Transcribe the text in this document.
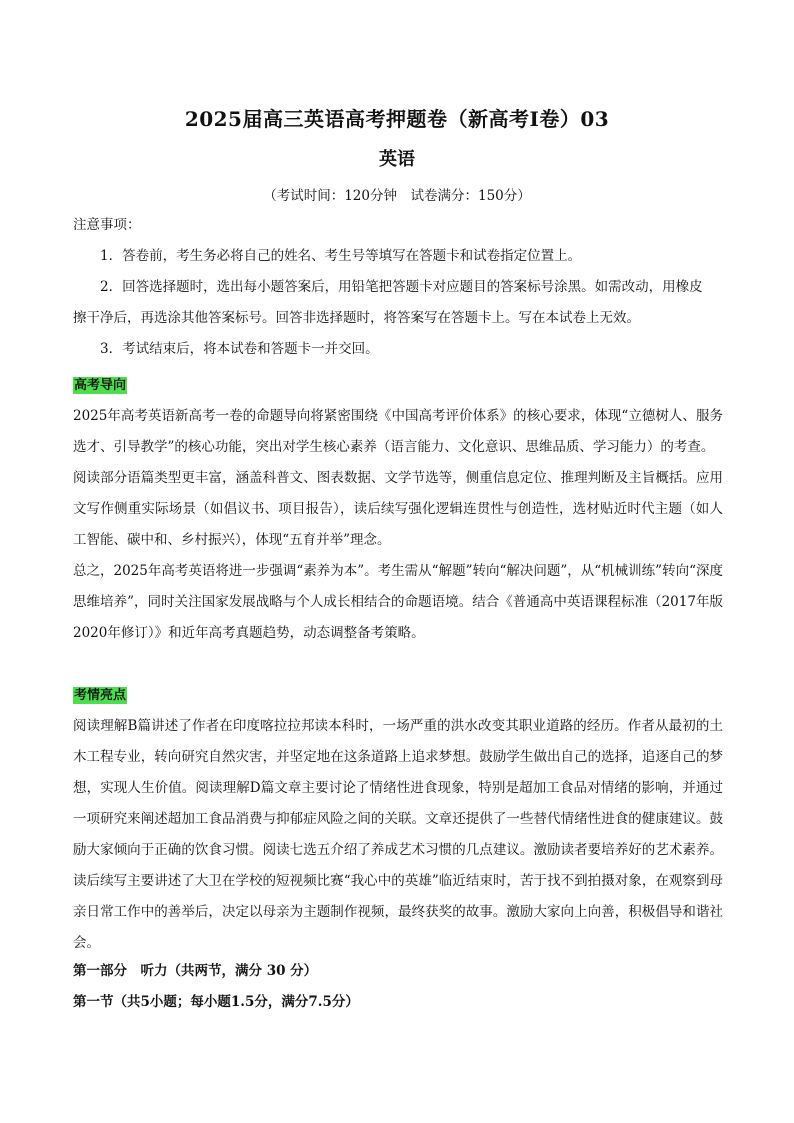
2025届高三英语高考押题卷（新高考I卷）03
英语
（考试时间：120分钟　试卷满分：150分）
注意事项：
1．答卷前，考生务必将自己的姓名、考生号等填写在答题卡和试卷指定位置上。
2．回答选择题时，选出每小题答案后，用铅笔把答题卡对应题目的答案标号涂黑。如需改动，用橡皮
擦干净后，再选涂其他答案标号。回答非选择题时，将答案写在答题卡上。写在本试卷上无效。
3．考试结束后，将本试卷和答题卡一并交回。
高考导向
2025年高考英语新高考一卷的命题导向将紧密围绕《中国高考评价体系》的核心要求，体现“立德树人、服务选才、引导教学”的核心功能，突出对学生核心素养（语言能力、文化意识、思维品质、学习能力）的考查。
阅读部分语篇类型更丰富，涵盖科普文、图表数据、文学节选等，侧重信息定位、推理判断及主旨概括。应用文写作侧重实际场景（如倡议书、项目报告），读后续写强化逻辑连贯性与创造性，选材贴近时代主题（如人工智能、碳中和、乡村振兴），体现“五育并举”理念。
总之，2025年高考英语将进一步强调“素养为本”。考生需从“解题”转向“解决问题”，从“机械训练”转向“深度思维培养”，同时关注国家发展战略与个人成长相结合的命题语境。结合《普通高中英语课程标准（2017年版2020年修订）》和近年高考真题趋势，动态调整备考策略。
考情亮点
阅读理解B篇讲述了作者在印度喀拉拉邦读本科时，一场严重的洪水改变其职业道路的经历。作者从最初的土木工程专业，转向研究自然灾害，并坚定地在这条道路上追求梦想。鼓励学生做出自己的选择，追逐自己的梦想，实现人生价值。阅读理解D篇文章主要讨论了情绪性进食现象，特别是超加工食品对情绪的影响，并通过一项研究来阐述超加工食品消费与抑郁症风险之间的关联。文章还提供了一些替代情绪性进食的健康建议。鼓励大家倾向于正确的饮食习惯。阅读七选五介绍了养成艺术习惯的几点建议。激励读者要培养好的艺术素养。读后续写主要讲述了大卫在学校的短视频比赛“我心中的英雄”临近结束时，苦于找不到拍摄对象，在观察到母亲日常工作中的善举后，决定以母亲为主题制作视频，最终获奖的故事。激励大家向上向善，积极倡导和谐社会。
第一部分　听力（共两节，满分 30 分）
第一节（共5小题；每小题1.5分，满分7.5分）
